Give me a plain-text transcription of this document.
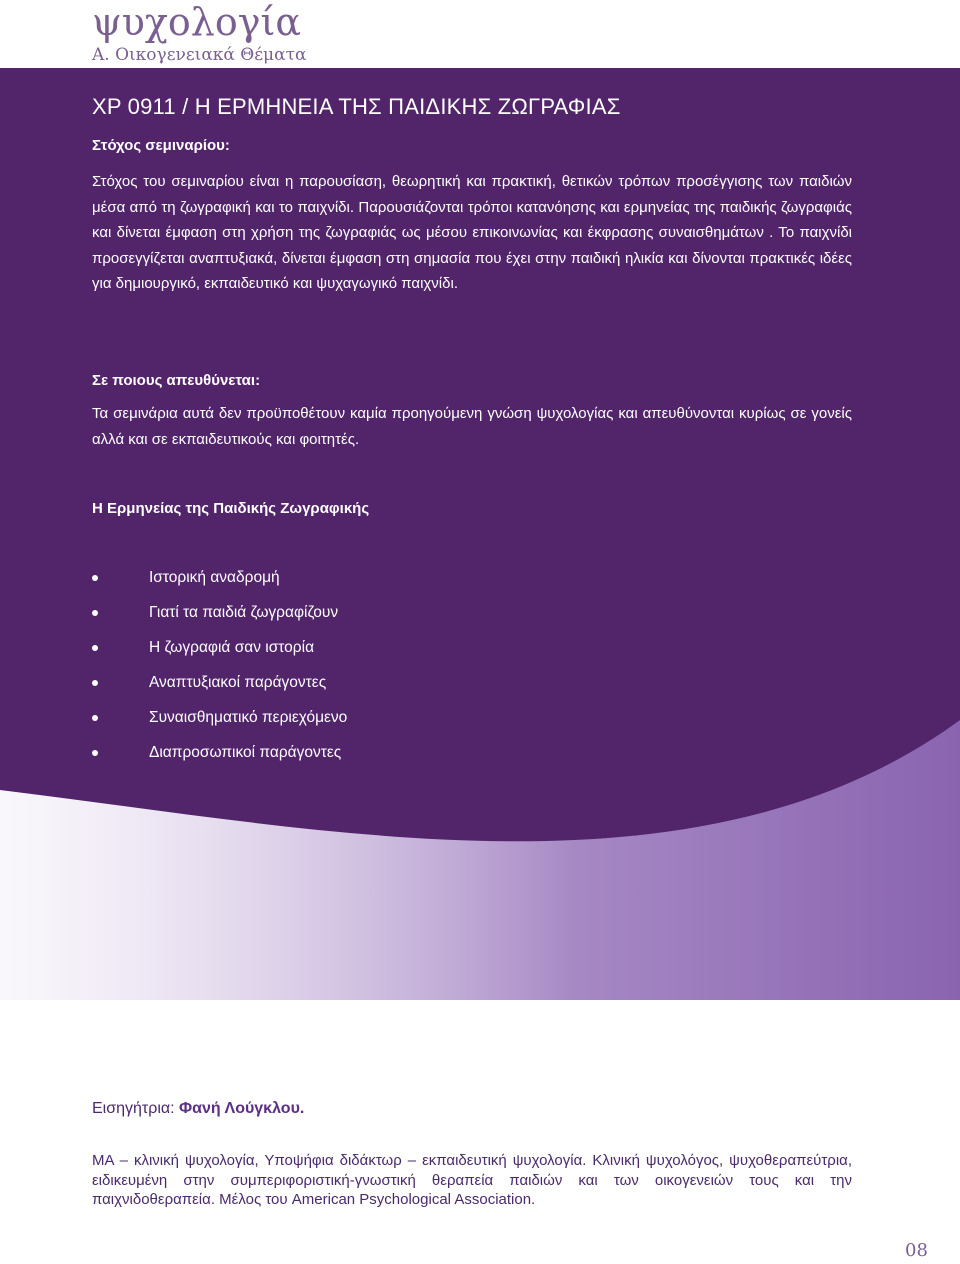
ψυχολογία
Α. Οικογενειακά Θέματα
ΧΡ 0911 / Η ΕΡΜΗΝΕΙΑ ΤΗΣ ΠΑΙΔΙΚΗΣ ΖΩΓΡΑΦΙΑΣ
Στόχος σεμιναρίου:
Στόχος του σεμιναρίου είναι η παρουσίαση, θεωρητική και πρακτική, θετικών τρόπων προσέγγισης των παιδιών μέσα από τη ζωγραφική και το παιχνίδι. Παρουσιάζονται τρόποι κατανόησης και ερμηνείας της παιδικής ζωγραφιάς και δίνεται έμφαση στη χρήση της ζωγραφιάς ως μέσου επικοινωνίας και έκφρασης συναισθημάτων . Το παιχνίδι προσεγγίζεται αναπτυξιακά, δίνεται έμφαση στη σημασία που έχει στην παιδική ηλικία και δίνονται πρακτικές ιδέες για δημιουργικό, εκπαιδευτικό και ψυχαγωγικό παιχνίδι.
Σε ποιους απευθύνεται:
Τα σεμινάρια αυτά δεν προϋποθέτουν καμία προηγούμενη γνώση ψυχολογίας και απευθύνονται κυρίως σε γονείς αλλά και σε εκπαιδευτικούς και φοιτητές.
Η Ερμηνείας της Παιδικής Ζωγραφικής
Ιστορική αναδρομή
Γιατί τα παιδιά ζωγραφίζουν
Η ζωγραφιά σαν ιστορία
Αναπτυξιακοί παράγοντες
Συναισθηματικό περιεχόμενο
Διαπροσωπικοί παράγοντες
Εισηγήτρια: Φανή Λούγκλου.
ΜΑ – κλινική ψυχολογία, Υποψήφια διδάκτωρ – εκπαιδευτική ψυχολογία. Κλινική ψυχολόγος, ψυχοθεραπεύτρια, ειδικευμένη στην συμπεριφοριστική-γνωστική θεραπεία παιδιών και των οικογενειών τους και την παιχνιδοθεραπεία. Μέλος του American Psychological Association.
08
